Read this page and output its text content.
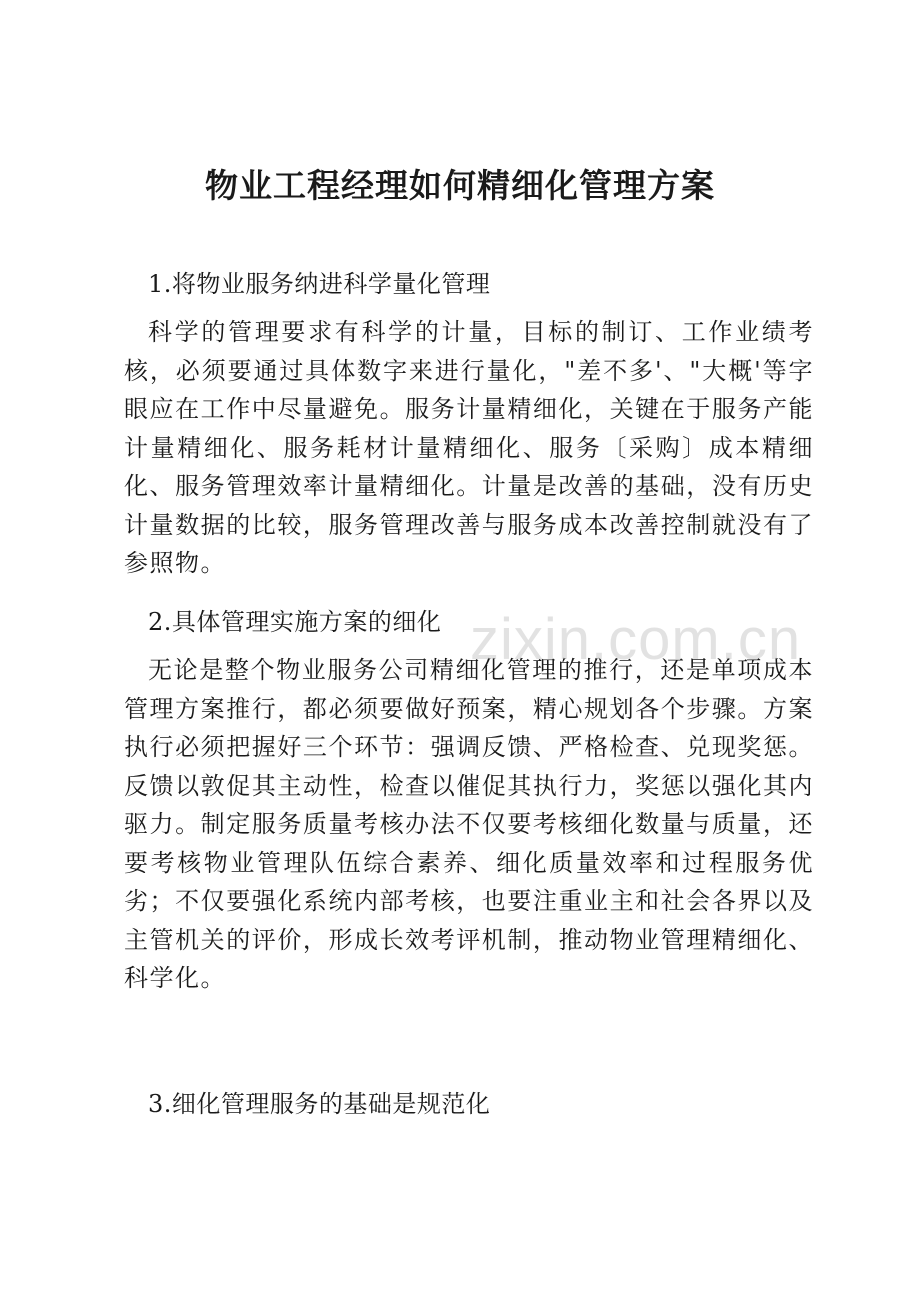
物业工程经理如何精细化管理方案
1.将物业服务纳进科学量化管理
科学的管理要求有科学的计量，目标的制订、工作业绩考核，必须要通过具体数字来进行量化，"差不多'、"大概'等字眼应在工作中尽量避免。服务计量精细化，关键在于服务产能计量精细化、服务耗材计量精细化、服务〔采购〕成本精细化、服务管理效率计量精细化。计量是改善的基础，没有历史计量数据的比较，服务管理改善与服务成本改善控制就没有了参照物。
2.具体管理实施方案的细化
无论是整个物业服务公司精细化管理的推行，还是单项成本管理方案推行，都必须要做好预案，精心规划各个步骤。方案执行必须把握好三个环节：强调反馈、严格检查、兑现奖惩。反馈以敦促其主动性，检查以催促其执行力，奖惩以强化其内驱力。制定服务质量考核办法不仅要考核细化数量与质量，还要考核物业管理队伍综合素养、细化质量效率和过程服务优劣；不仅要强化系统内部考核，也要注重业主和社会各界以及主管机关的评价，形成长效考评机制，推动物业管理精细化、科学化。
3.细化管理服务的基础是规范化
zixin.com.cn
